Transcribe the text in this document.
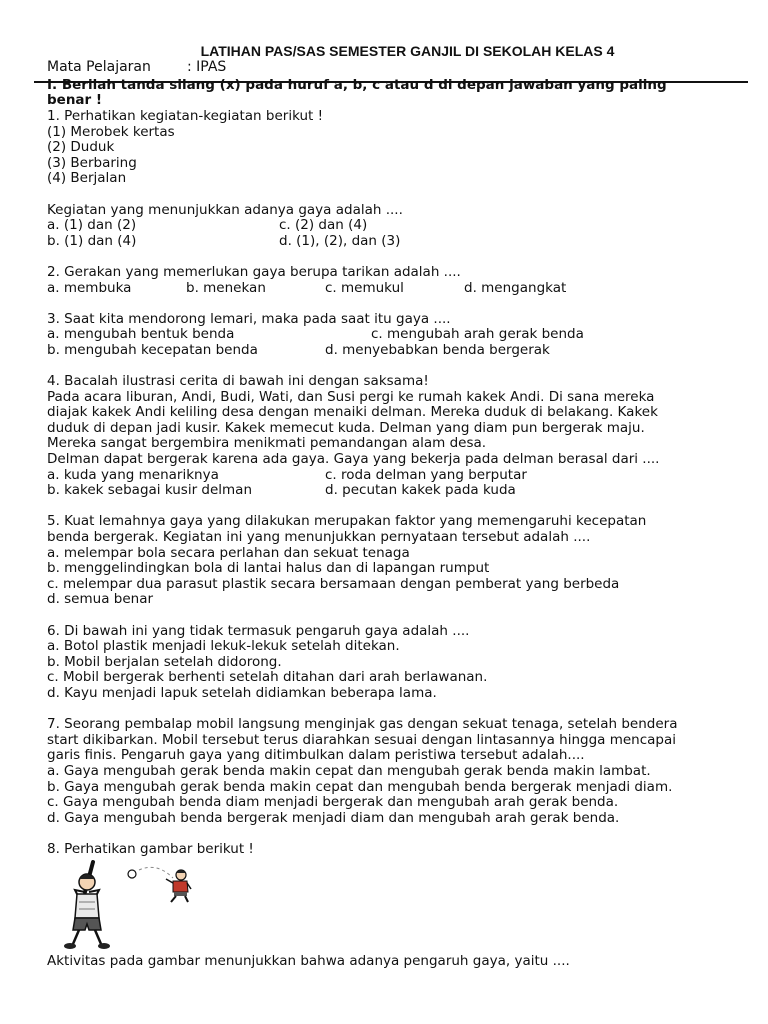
LATIHAN PAS/SAS SEMESTER GANJIL DI SEKOLAH KELAS 4
Mata Pelajaran	: IPAS
I. Berilah tanda silang (x) pada huruf a, b, c atau d di depan jawaban yang paling
benar !
1. Perhatikan kegiatan-kegiatan berikut !
(1) Merobek kertas
(2) Duduk
(3) Berbaring
(4) Berjalan
Kegiatan yang menunjukkan adanya gaya adalah ....
a. (1) dan (2)	c. (2) dan (4)
b. (1) dan (4)	d. (1), (2), dan (3)
2. Gerakan yang memerlukan gaya berupa tarikan adalah ....
a. membuka	b. menekan	c. memukul	d. mengangkat
3. Saat kita mendorong lemari, maka pada saat itu gaya ....
a. mengubah bentuk benda	c. mengubah arah gerak benda
b. mengubah kecepatan benda	d. menyebabkan benda bergerak
4. Bacalah ilustrasi cerita di bawah ini dengan saksama!
Pada acara liburan, Andi, Budi, Wati, dan Susi pergi ke rumah kakek Andi. Di sana mereka
diajak kakek Andi keliling desa dengan menaiki delman. Mereka duduk di belakang. Kakek
duduk di depan jadi kusir. Kakek memecut kuda. Delman yang diam pun bergerak maju.
Mereka sangat bergembira menikmati pemandangan alam desa.
Delman dapat bergerak karena ada gaya. Gaya yang bekerja pada delman berasal dari ....
a. kuda yang menariknya	c. roda delman yang berputar
b. kakek sebagai kusir delman	d. pecutan kakek pada kuda
5. Kuat lemahnya gaya yang dilakukan merupakan faktor yang memengaruhi kecepatan
benda bergerak. Kegiatan ini yang menunjukkan pernyataan tersebut adalah ....
a. melempar bola secara perlahan dan sekuat tenaga
b. menggelindingkan bola di lantai halus dan di lapangan rumput
c. melempar dua parasut plastik secara bersamaan dengan pemberat yang berbeda
d. semua benar
6. Di bawah ini yang tidak termasuk pengaruh gaya adalah ....
a. Botol plastik menjadi lekuk-lekuk setelah ditekan.
b. Mobil berjalan setelah didorong.
c. Mobil bergerak berhenti setelah ditahan dari arah berlawanan.
d. Kayu menjadi lapuk setelah didiamkan beberapa lama.
7. Seorang pembalap mobil langsung menginjak gas dengan sekuat tenaga, setelah bendera
start dikibarkan. Mobil tersebut terus diarahkan sesuai dengan lintasannya hingga mencapai
garis finis. Pengaruh gaya yang ditimbulkan dalam peristiwa tersebut adalah....
a. Gaya mengubah gerak benda makin cepat dan mengubah gerak benda makin lambat.
b. Gaya mengubah gerak benda makin cepat dan mengubah benda bergerak menjadi diam.
c. Gaya mengubah benda diam menjadi bergerak dan mengubah arah gerak benda.
d. Gaya mengubah benda bergerak menjadi diam dan mengubah arah gerak benda.
8. Perhatikan gambar berikut !
Aktivitas pada gambar menunjukkan bahwa adanya pengaruh gaya, yaitu ....
